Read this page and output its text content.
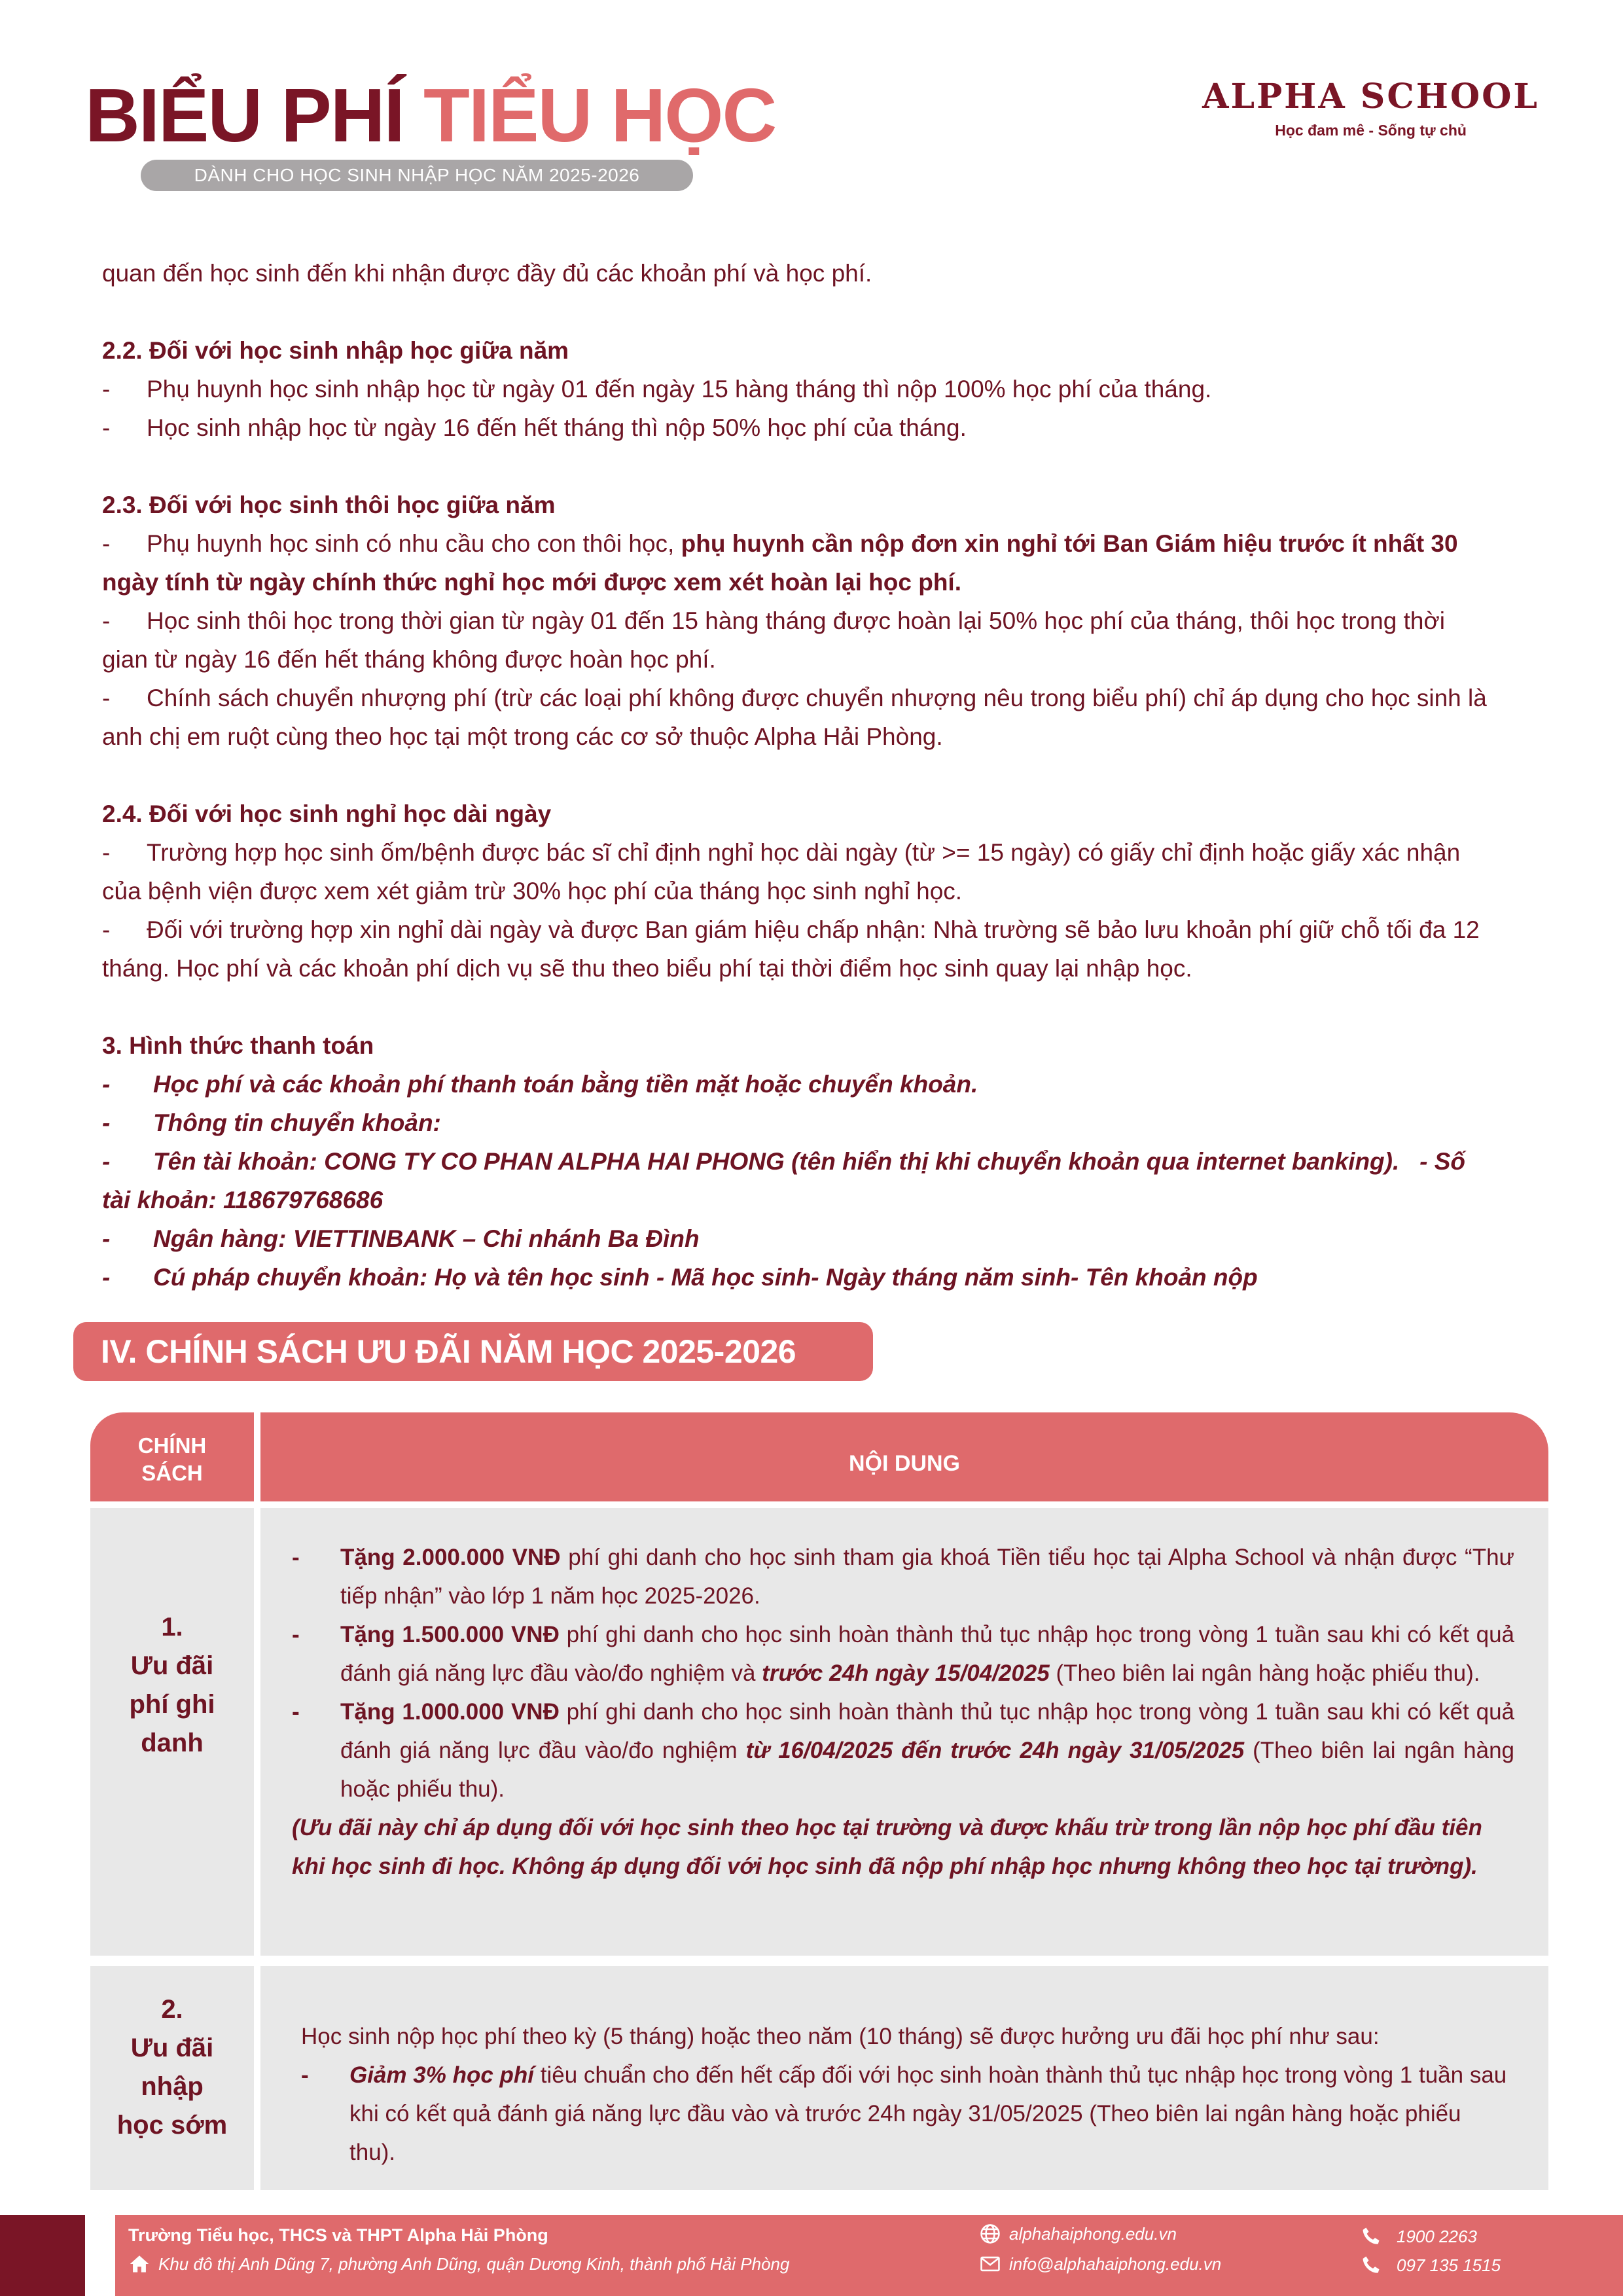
BIỂU PHÍ TIỂU HỌC
DÀNH CHO HỌC SINH NHẬP HỌC NĂM 2025-2026
ALPHA SCHOOL
Học đam mê - Sống tự chủ

quan đến học sinh đến khi nhận được đầy đủ các khoản phí và học phí.

2.2. Đối với học sinh nhập học giữa năm

- Phụ huynh học sinh nhập học từ ngày 01 đến ngày 15 hàng tháng thì nộp 100% học phí của tháng.

- Học sinh nhập học từ ngày 16 đến hết tháng thì nộp 50% học phí của tháng.

2.3. Đối với học sinh thôi học giữa năm

- Phụ huynh học sinh có nhu cầu cho con thôi học, phụ huynh cần nộp đơn xin nghỉ tới Ban Giám hiệu trước ít nhất 30 ngày tính từ ngày chính thức nghỉ học mới được xem xét hoàn lại học phí.

- Học sinh thôi học trong thời gian từ ngày 01 đến 15 hàng tháng được hoàn lại 50% học phí của tháng, thôi học trong thời gian từ ngày 16 đến hết tháng không được hoàn học phí.

- Chính sách chuyển nhượng phí (trừ các loại phí không được chuyển nhượng nêu trong biểu phí) chỉ áp dụng cho học sinh là anh chị em ruột cùng theo học tại một trong các cơ sở thuộc Alpha Hải Phòng.

2.4. Đối với học sinh nghỉ học dài ngày

- Trường hợp học sinh ốm/bệnh được bác sĩ chỉ định nghỉ học dài ngày (từ >= 15 ngày) có giấy chỉ định hoặc giấy xác nhận của bệnh viện được xem xét giảm trừ 30% học phí của tháng học sinh nghỉ học.

- Đối với trường hợp xin nghỉ dài ngày và được Ban giám hiệu chấp nhận: Nhà trường sẽ bảo lưu khoản phí giữ chỗ tối đa 12 tháng. Học phí và các khoản phí dịch vụ sẽ thu theo biểu phí tại thời điểm học sinh quay lại nhập học.

3. Hình thức thanh toán

- Học phí và các khoản phí thanh toán bằng tiền mặt hoặc chuyển khoản.

- Thông tin chuyển khoản:

- Tên tài khoản: CONG TY CO PHAN ALPHA HAI PHONG (tên hiển thị khi chuyển khoản qua internet banking).   - Số tài khoản: 118679768686

- Ngân hàng: VIETTINBANK – Chi nhánh Ba Đình

- Cú pháp chuyển khoản: Họ và tên học sinh - Mã học sinh- Ngày tháng năm sinh- Tên khoản nộp

IV. CHÍNH SÁCH ƯU ĐÃI NĂM HỌC 2025-2026
CHÍNH
SÁCH	NỘI DUNG
1.
Ưu đãi
phí ghi
danh
- Tặng 2.000.000 VNĐ phí ghi danh cho học sinh tham gia khoá Tiền tiểu học tại Alpha School và nhận được “Thư tiếp nhận” vào lớp 1 năm học 2025-2026.
- Tặng 1.500.000 VNĐ phí ghi danh cho học sinh hoàn thành thủ tục nhập học trong vòng 1 tuần sau khi có kết quả đánh giá năng lực đầu vào/đo nghiệm và trước 24h ngày 15/04/2025 (Theo biên lai ngân hàng hoặc phiếu thu).
- Tặng 1.000.000 VNĐ phí ghi danh cho học sinh hoàn thành thủ tục nhập học trong vòng 1 tuần sau khi có kết quả đánh giá năng lực đầu vào/đo nghiệm từ 16/04/2025 đến trước 24h ngày 31/05/2025 (Theo biên lai ngân hàng hoặc phiếu thu).
(Ưu đãi này chỉ áp dụng đối với học sinh theo học tại trường và được khấu trừ trong lần nộp học phí đầu tiên khi học sinh đi học. Không áp dụng đối với học sinh đã nộp phí nhập học nhưng không theo học tại trường).
2.
Ưu đãi
nhập
học sớm
Học sinh nộp học phí theo kỳ (5 tháng) hoặc theo năm (10 tháng) sẽ được hưởng ưu đãi học phí như sau:
- Giảm 3% học phí tiêu chuẩn cho đến hết cấp đối với học sinh hoàn thành thủ tục nhập học trong vòng 1 tuần sau khi có kết quả đánh giá năng lực đầu vào và trước 24h ngày 31/05/2025 (Theo biên lai ngân hàng hoặc phiếu thu).
Trường Tiểu học, THCS và THPT Alpha Hải Phòng
Khu đô thị Anh Dũng 7, phường Anh Dũng, quận Dương Kinh, thành phố Hải Phòng
alphahaiphong.edu.vn
info@alphahaiphong.edu.vn
1900 2263
097 135 1515
